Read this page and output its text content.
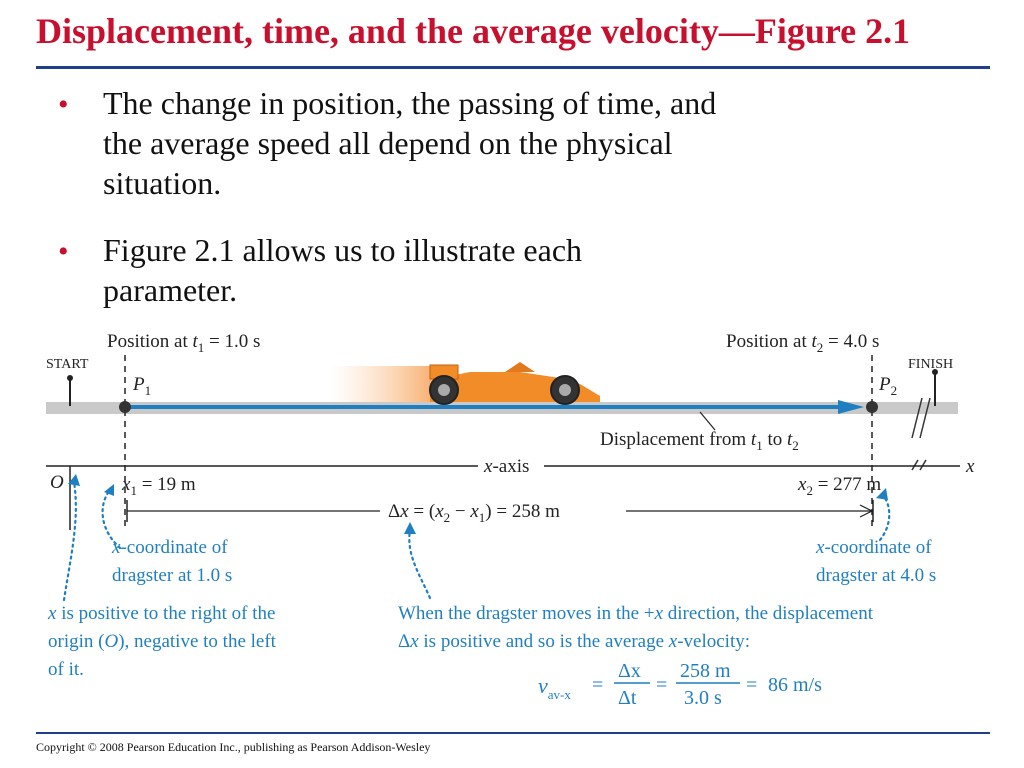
Displacement, time, and the average velocity—Figure 2.1
• The change in position, the passing of time, and
the average speed all depend on the physical
situation.
• Figure 2.1 allows us to illustrate each
parameter.
START	FINISH
Position at $t_1 = 1.0$ s	Position at $t_2 = 4.0$ s
$P_1$	$P_2$
Displacement from $t_1$ to $t_2$
x-axis	x
O	$x_1 = 19$ m	$x_2 = 277$ m
$\Delta x = (x_2 - x_1) = 258$ m
x-coordinate of
dragster at 1.0 s
x-coordinate of
dragster at 4.0 s
x is positive to the right of the
origin (O), negative to the left
of it.
When the dragster moves in the +x direction, the displacement
Δx is positive and so is the average x-velocity:
$v_{av-x}$ =
Δx
Δt
=
258 m
3.0 s
= 86 m/s
Copyright © 2008 Pearson Education Inc., publishing as Pearson Addison-Wesley
